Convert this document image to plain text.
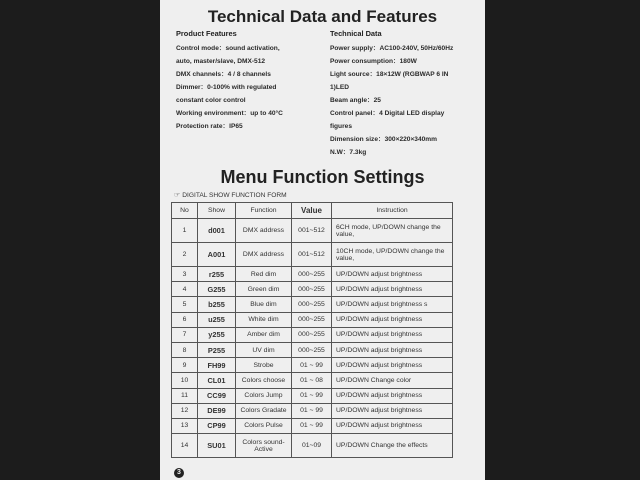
Technical Data and Features
Product Features
Control mode：sound activation,
auto, master/slave, DMX-512
DMX channels：4 / 8 channels
Dimmer：0-100% with regulated
constant color control
Working environment：up to 40°C
Protection rate：IP65
Technical Data
Power supply：AC100-240V, 50Hz/60Hz
Power consumption：180W
Light source：18×12W (RGBWAP 6 IN
1)LED
Beam angle：25
Control panel：4 Digital LED display
figures
Dimension size：300×220×340mm
N.W：7.3kg
Menu Function Settings
☞ DIGITAL SHOW FUNCTION FORM
No	Show	Function	Value	Instruction
1	d001	DMX address	001~512	6CH mode, UP/DOWN change the value,
2	A001	DMX address	001~512	10CH mode, UP/DOWN change the value,
3	r255	Red dim	000~255	UP/DOWN adjust brightness
4	G255	Green dim	000~255	UP/DOWN adjust brightness
5	b255	Blue dim	000~255	UP/DOWN adjust brightness s
6	u255	White dim	000~255	UP/DOWN adjust brightness
7	y255	Amber dim	000~255	UP/DOWN adjust brightness
8	P255	UV dim	000~255	UP/DOWN adjust brightness
9	FH99	Strobe	01 ~ 99	UP/DOWN adjust brightness
10	CL01	Colors choose	01 ~ 08	UP/DOWN Change color
11	CC99	Colors Jump	01 ~ 99	UP/DOWN adjust brightness
12	DE99	Colors Gradate	01 ~ 99	UP/DOWN adjust brightness
13	CP99	Colors Pulse	01 ~ 99	UP/DOWN adjust brightness
14	SU01	Colors sound-Active	01~09	UP/DOWN Change the effects
3
